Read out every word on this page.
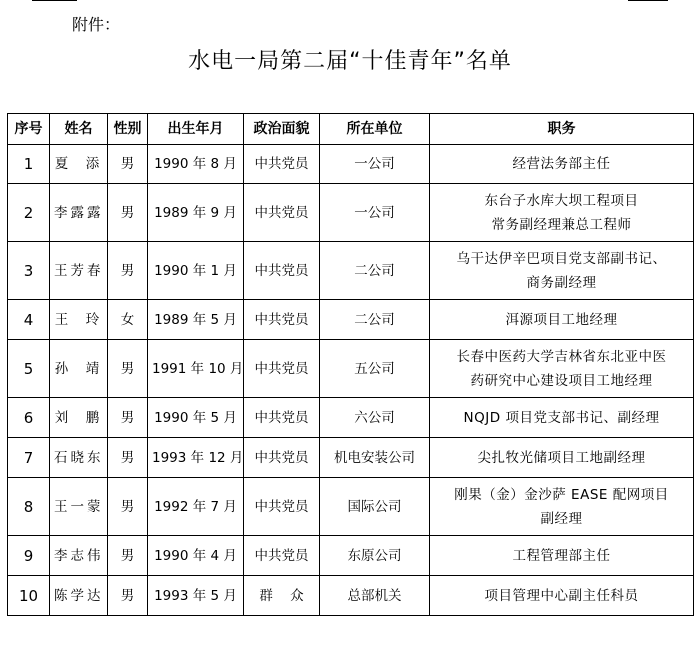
附件：
水电一局第二届“十佳青年”名单
序号	姓名	性别	出生年月	政治面貌	所在单位	职务
1	夏  添	男	1990 年 8 月	中共党员	一公司	经营法务部主任

2	李露露	男	1989 年 9 月	中共党员	一公司	东台子水库大坝工程项目
常务副经理兼总工程师

3	王芳春	男	1990 年 1 月	中共党员	二公司	乌干达伊辛巴项目党支部副书记、
商务副经理

4	王  玲	女	1989 年 5 月	中共党员	二公司	洱源项目工地经理

5	孙  靖	男	1991 年 10 月	中共党员	五公司	长春中医药大学吉林省东北亚中医
药研究中心建设项目工地经理

6	刘  鹏	男	1990 年 5 月	中共党员	六公司	NQJD 项目党支部书记、副经理

7	石晓东	男	1993 年 12 月	中共党员	机电安装公司	尖扎牧光储项目工地副经理

8	王一蒙	男	1992 年 7 月	中共党员	国际公司	刚果（金）金沙萨 EASE 配网项目
副经理

9	李志伟	男	1990 年 4 月	中共党员	东原公司	工程管理部主任

10	陈学达	男	1993 年 5 月	群    众	总部机关	项目管理中心副主任科员
